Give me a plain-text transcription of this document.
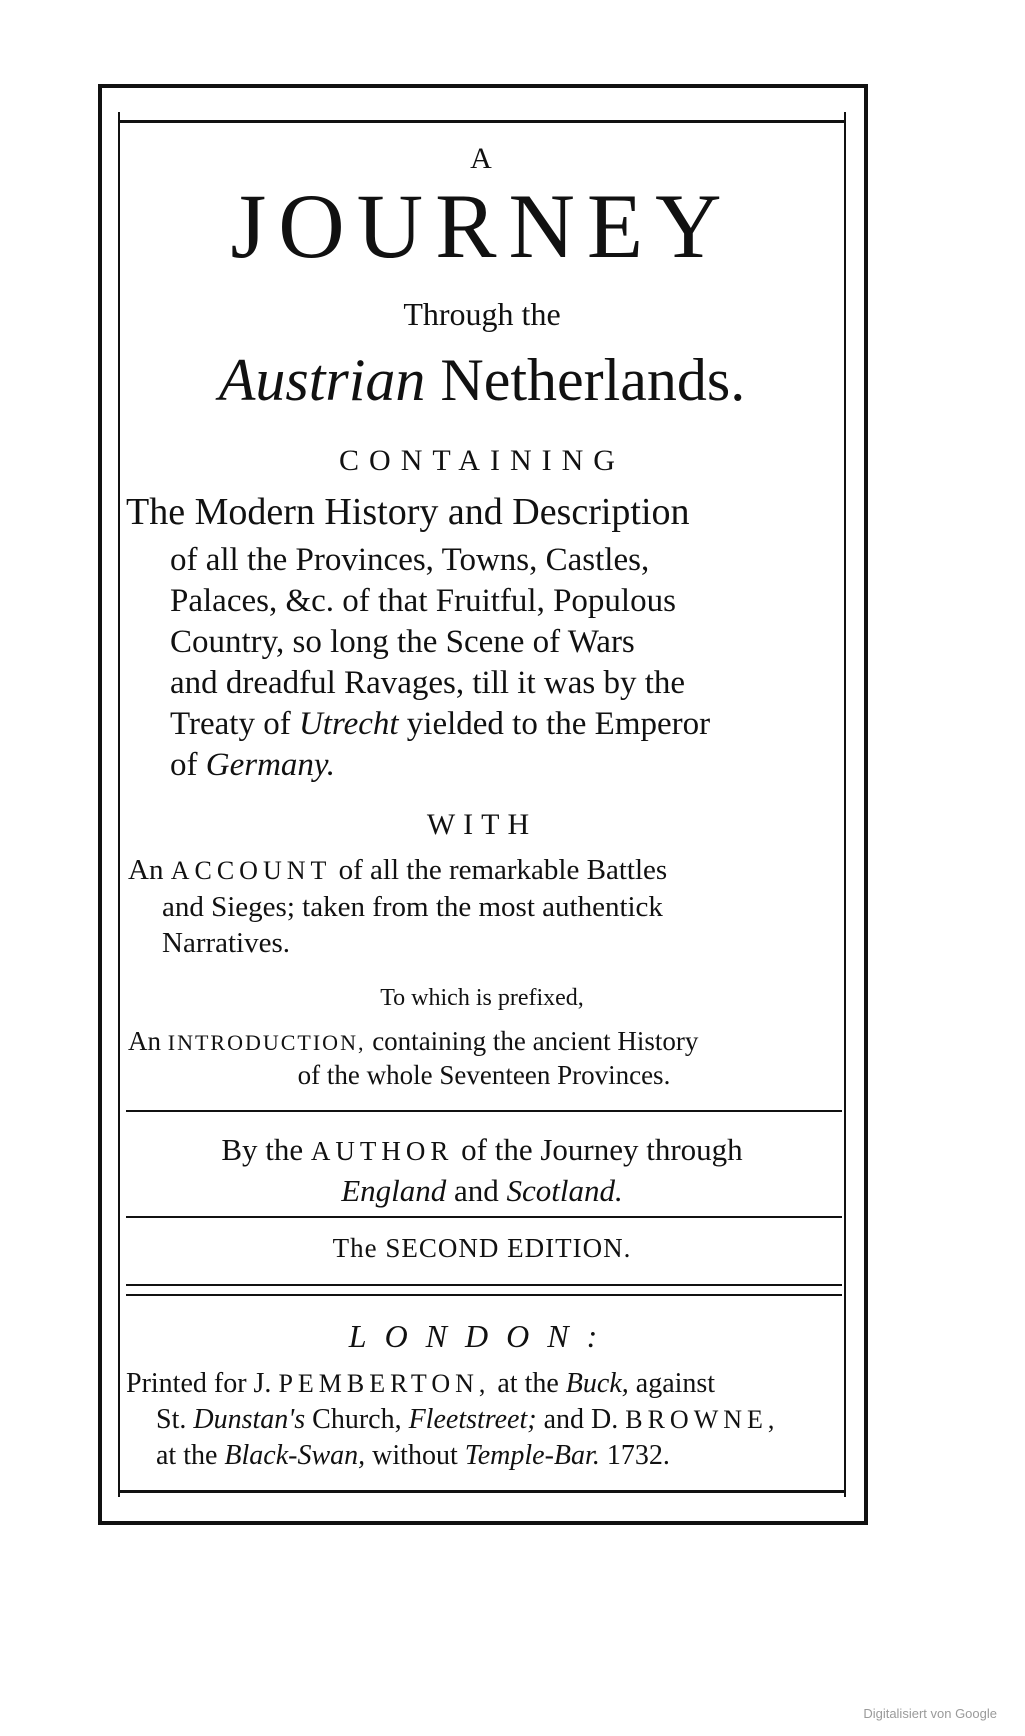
A
JOURNEY
Through the
Austrian Netherlands.
CONTAINING
The Modern History and Description
of all the Provinces, Towns, Castles,
Palaces, &c. of that Fruitful, Populous
Country, so long the Scene of Wars
and dreadful Ravages, till it was by the
Treaty of Utrecht yielded to the Emperor
of Germany.
WITH
An ACCOUNT of all the remarkable Battles
and Sieges; taken from the most authentick
Narratives.
To which is prefixed,
An INTRODUCTION, containing the ancient History
of the whole Seventeen Provinces.
By the AUTHOR of the Journey through
England and Scotland.
The SECOND EDITION.
LONDON:
Printed for J. PEMBERTON, at the Buck, against
St. Dunstan's Church, Fleetstreet; and D. BROWNE,
at the Black-Swan, without Temple-Bar. 1732.
Digitalisiert von Google
